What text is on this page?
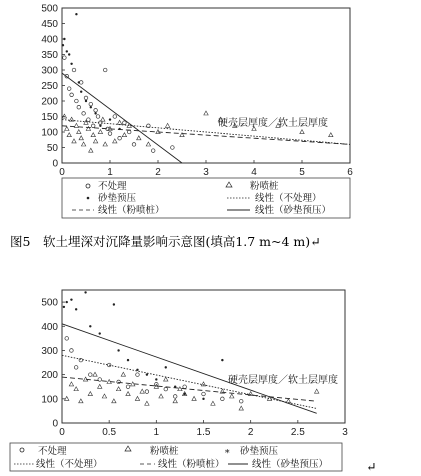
硬壳层厚度／软土层厚度
0	1	2	3	4	5	6
0
50
100
150
200
250
300
350
400
450
500
不处理	粉喷桩
砂垫预压	线性（不处理）
线性（粉喷桩）	线性（砂垫预压）
图5　软土埋深对沉降量影响示意图(填高1.7 m~4 m)↵
硬壳层厚度／软土层厚度
0	0.5	1	1.5	2	2.5	3
0
100
200
300
400
500
不处理	粉喷桩	∗ 砂垫预压
线性（不处理）	线性（粉喷桩）	线性（砂垫预压）	↵
